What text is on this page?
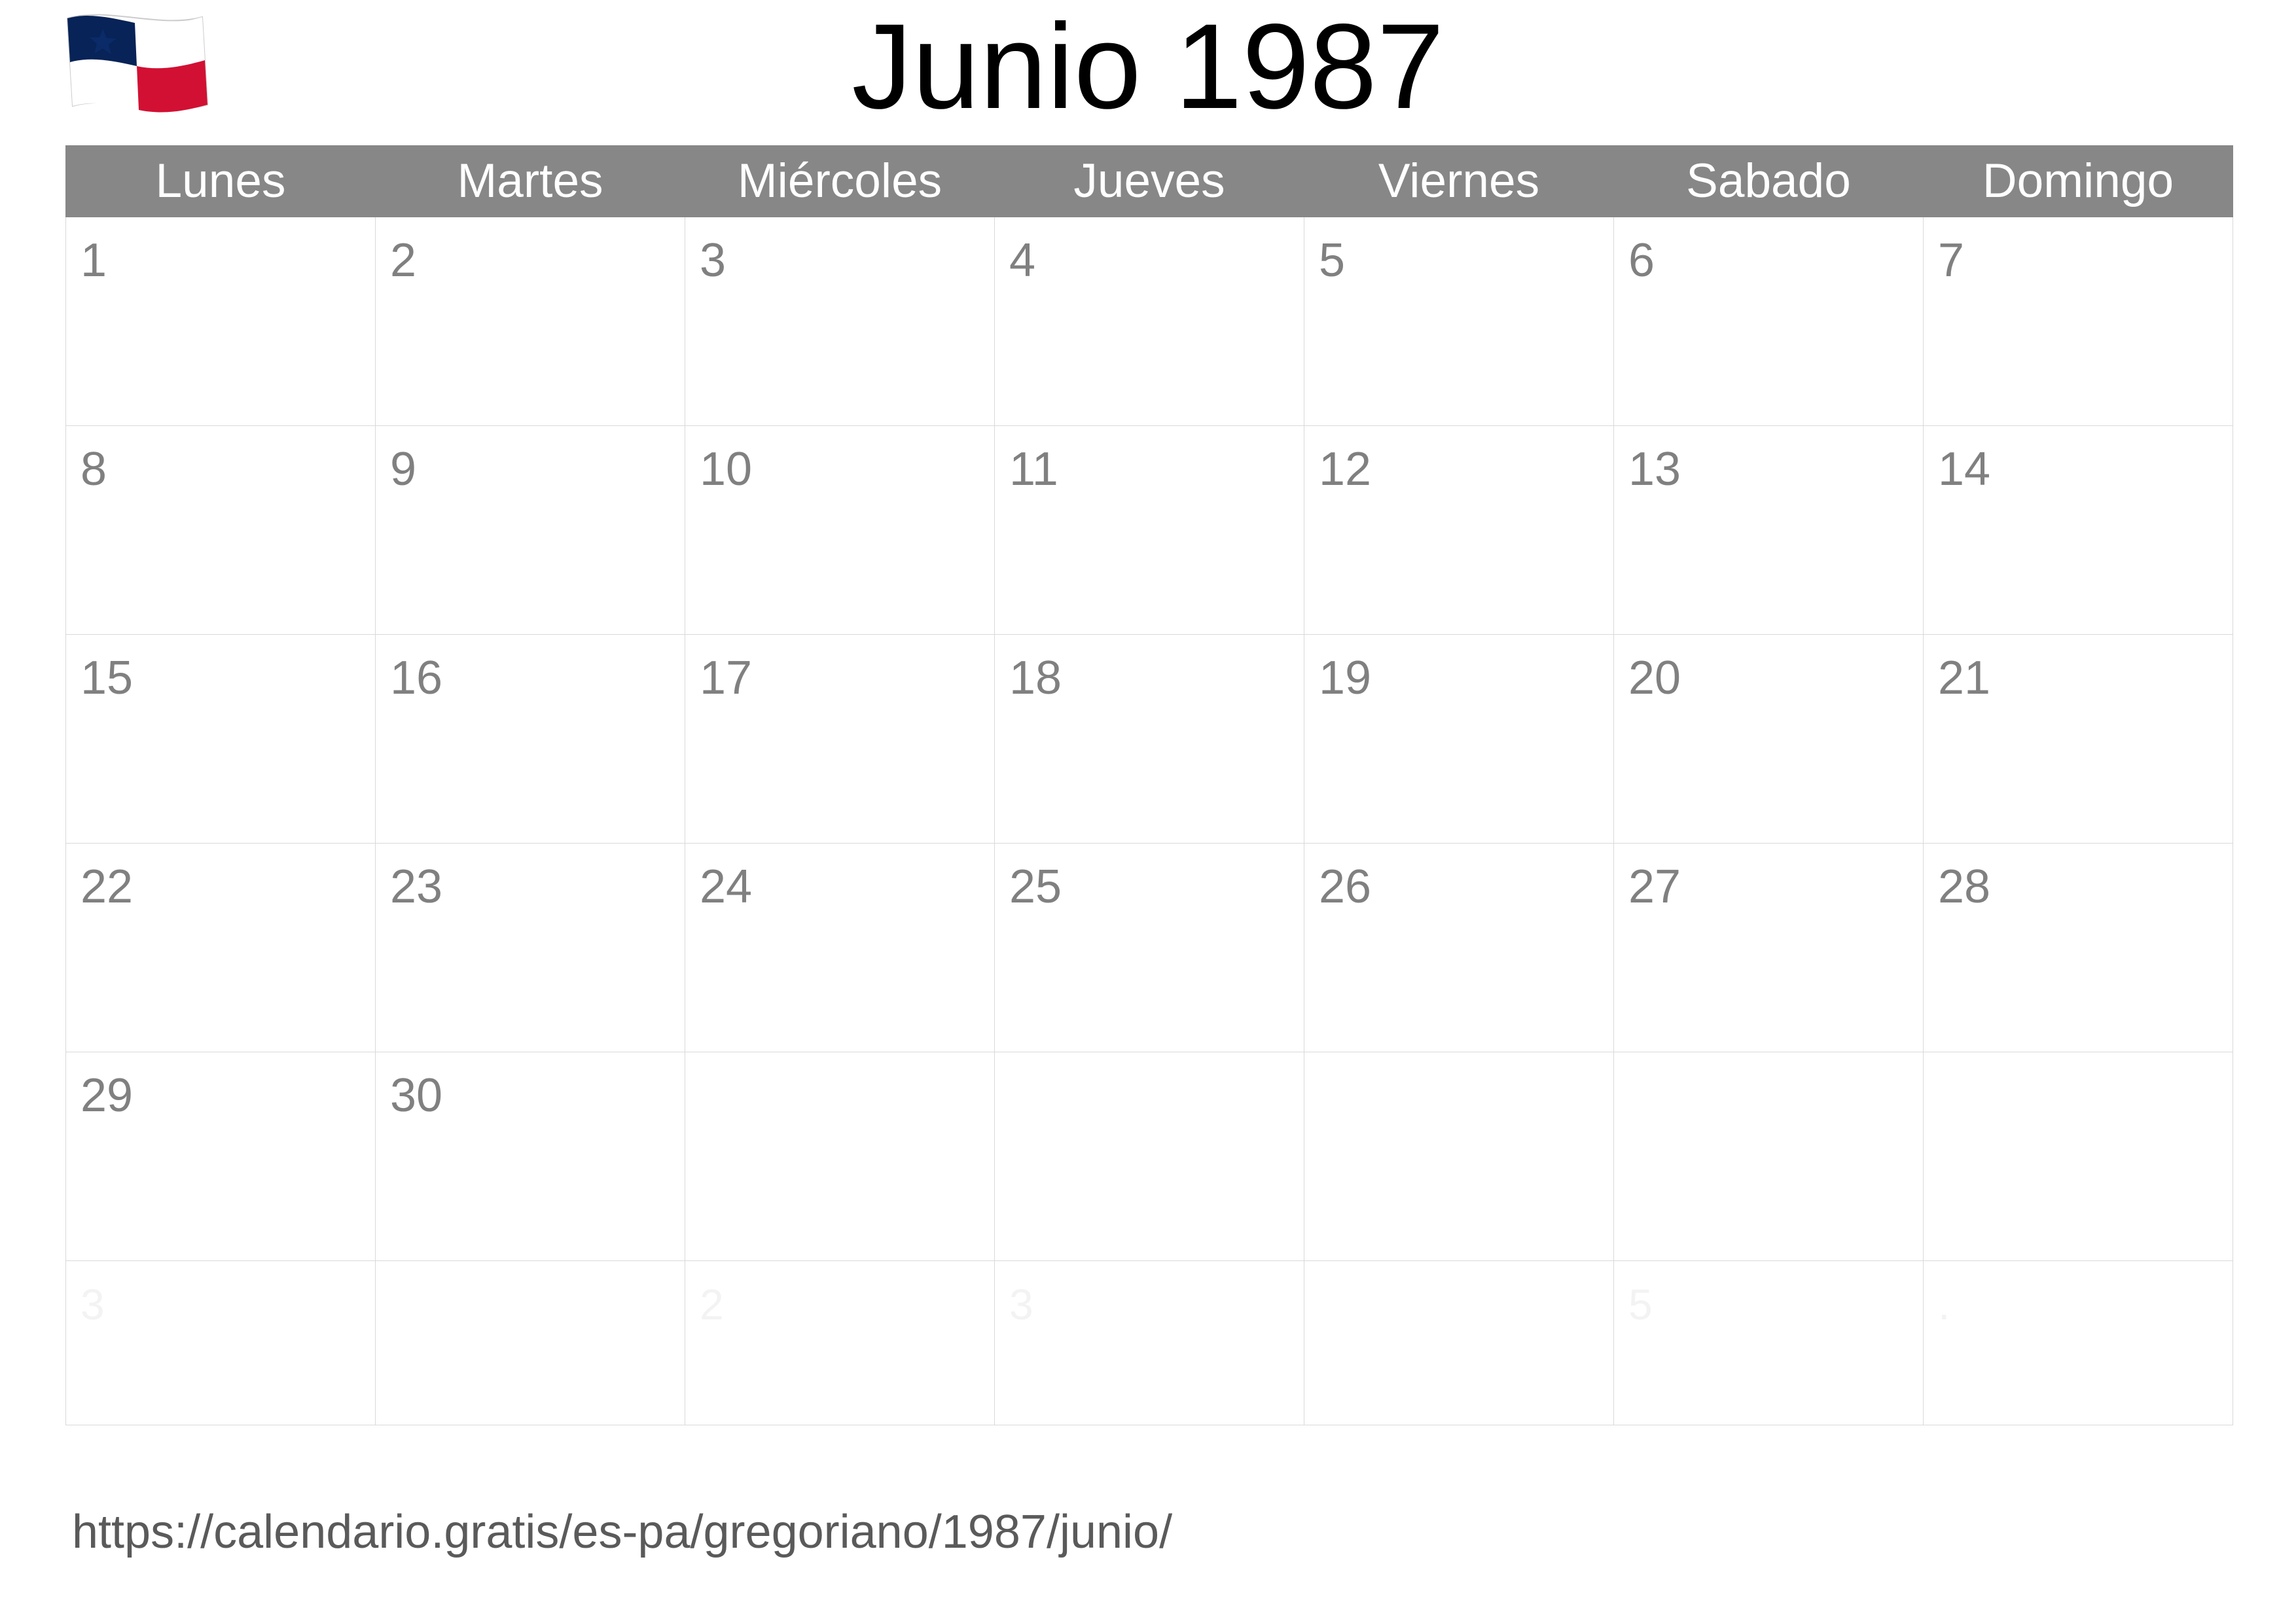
Junio 1987
Lunes	Martes	Miércoles	Jueves	Viernes	Sabado	Domingo

1	2	3	4	5	6	7

8	9	10	11	12	13	14

15	16	17	18	19	20	21

22	23	24	25	26	27	28

29	30					

3		2	3		5	.
https://calendario.gratis/es-pa/gregoriano/1987/junio/
